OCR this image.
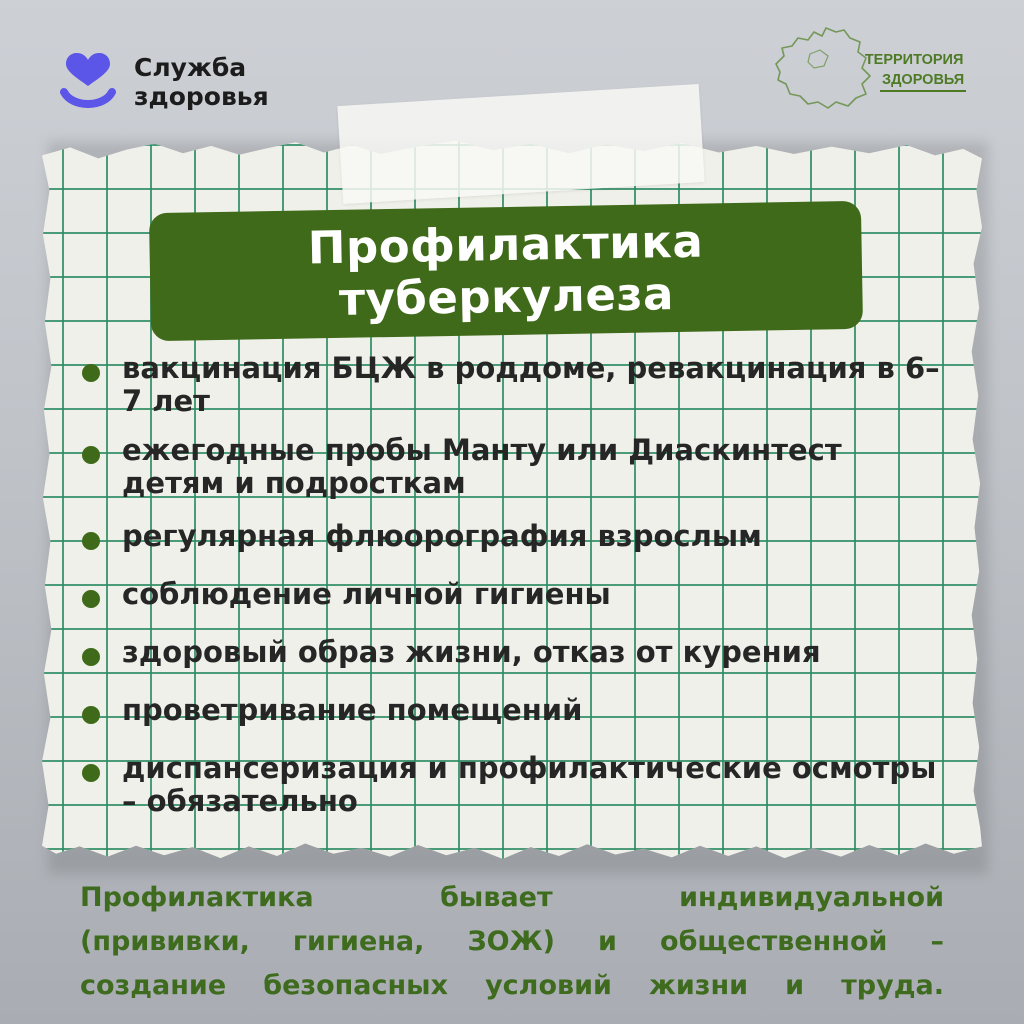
Служба
здоровья
ТЕРРИТОРИЯ
ЗДОРОВЬЯ
Профилактика
туберкулеза
вакцинация БЦЖ в роддоме, ревакцинация в 6–7 лет
ежегодные пробы Манту или Диаскинтест детям и подросткам
регулярная флюорография взрослым
соблюдение личной гигиены
здоровый образ жизни, отказ от курения
проветривание помещений
диспансеризация и профилактические осмотры – обязательно
Профилактика бывает индивидуальной
(прививки, гигиена, ЗОЖ) и общественной –
создание безопасных условий жизни и труда.
